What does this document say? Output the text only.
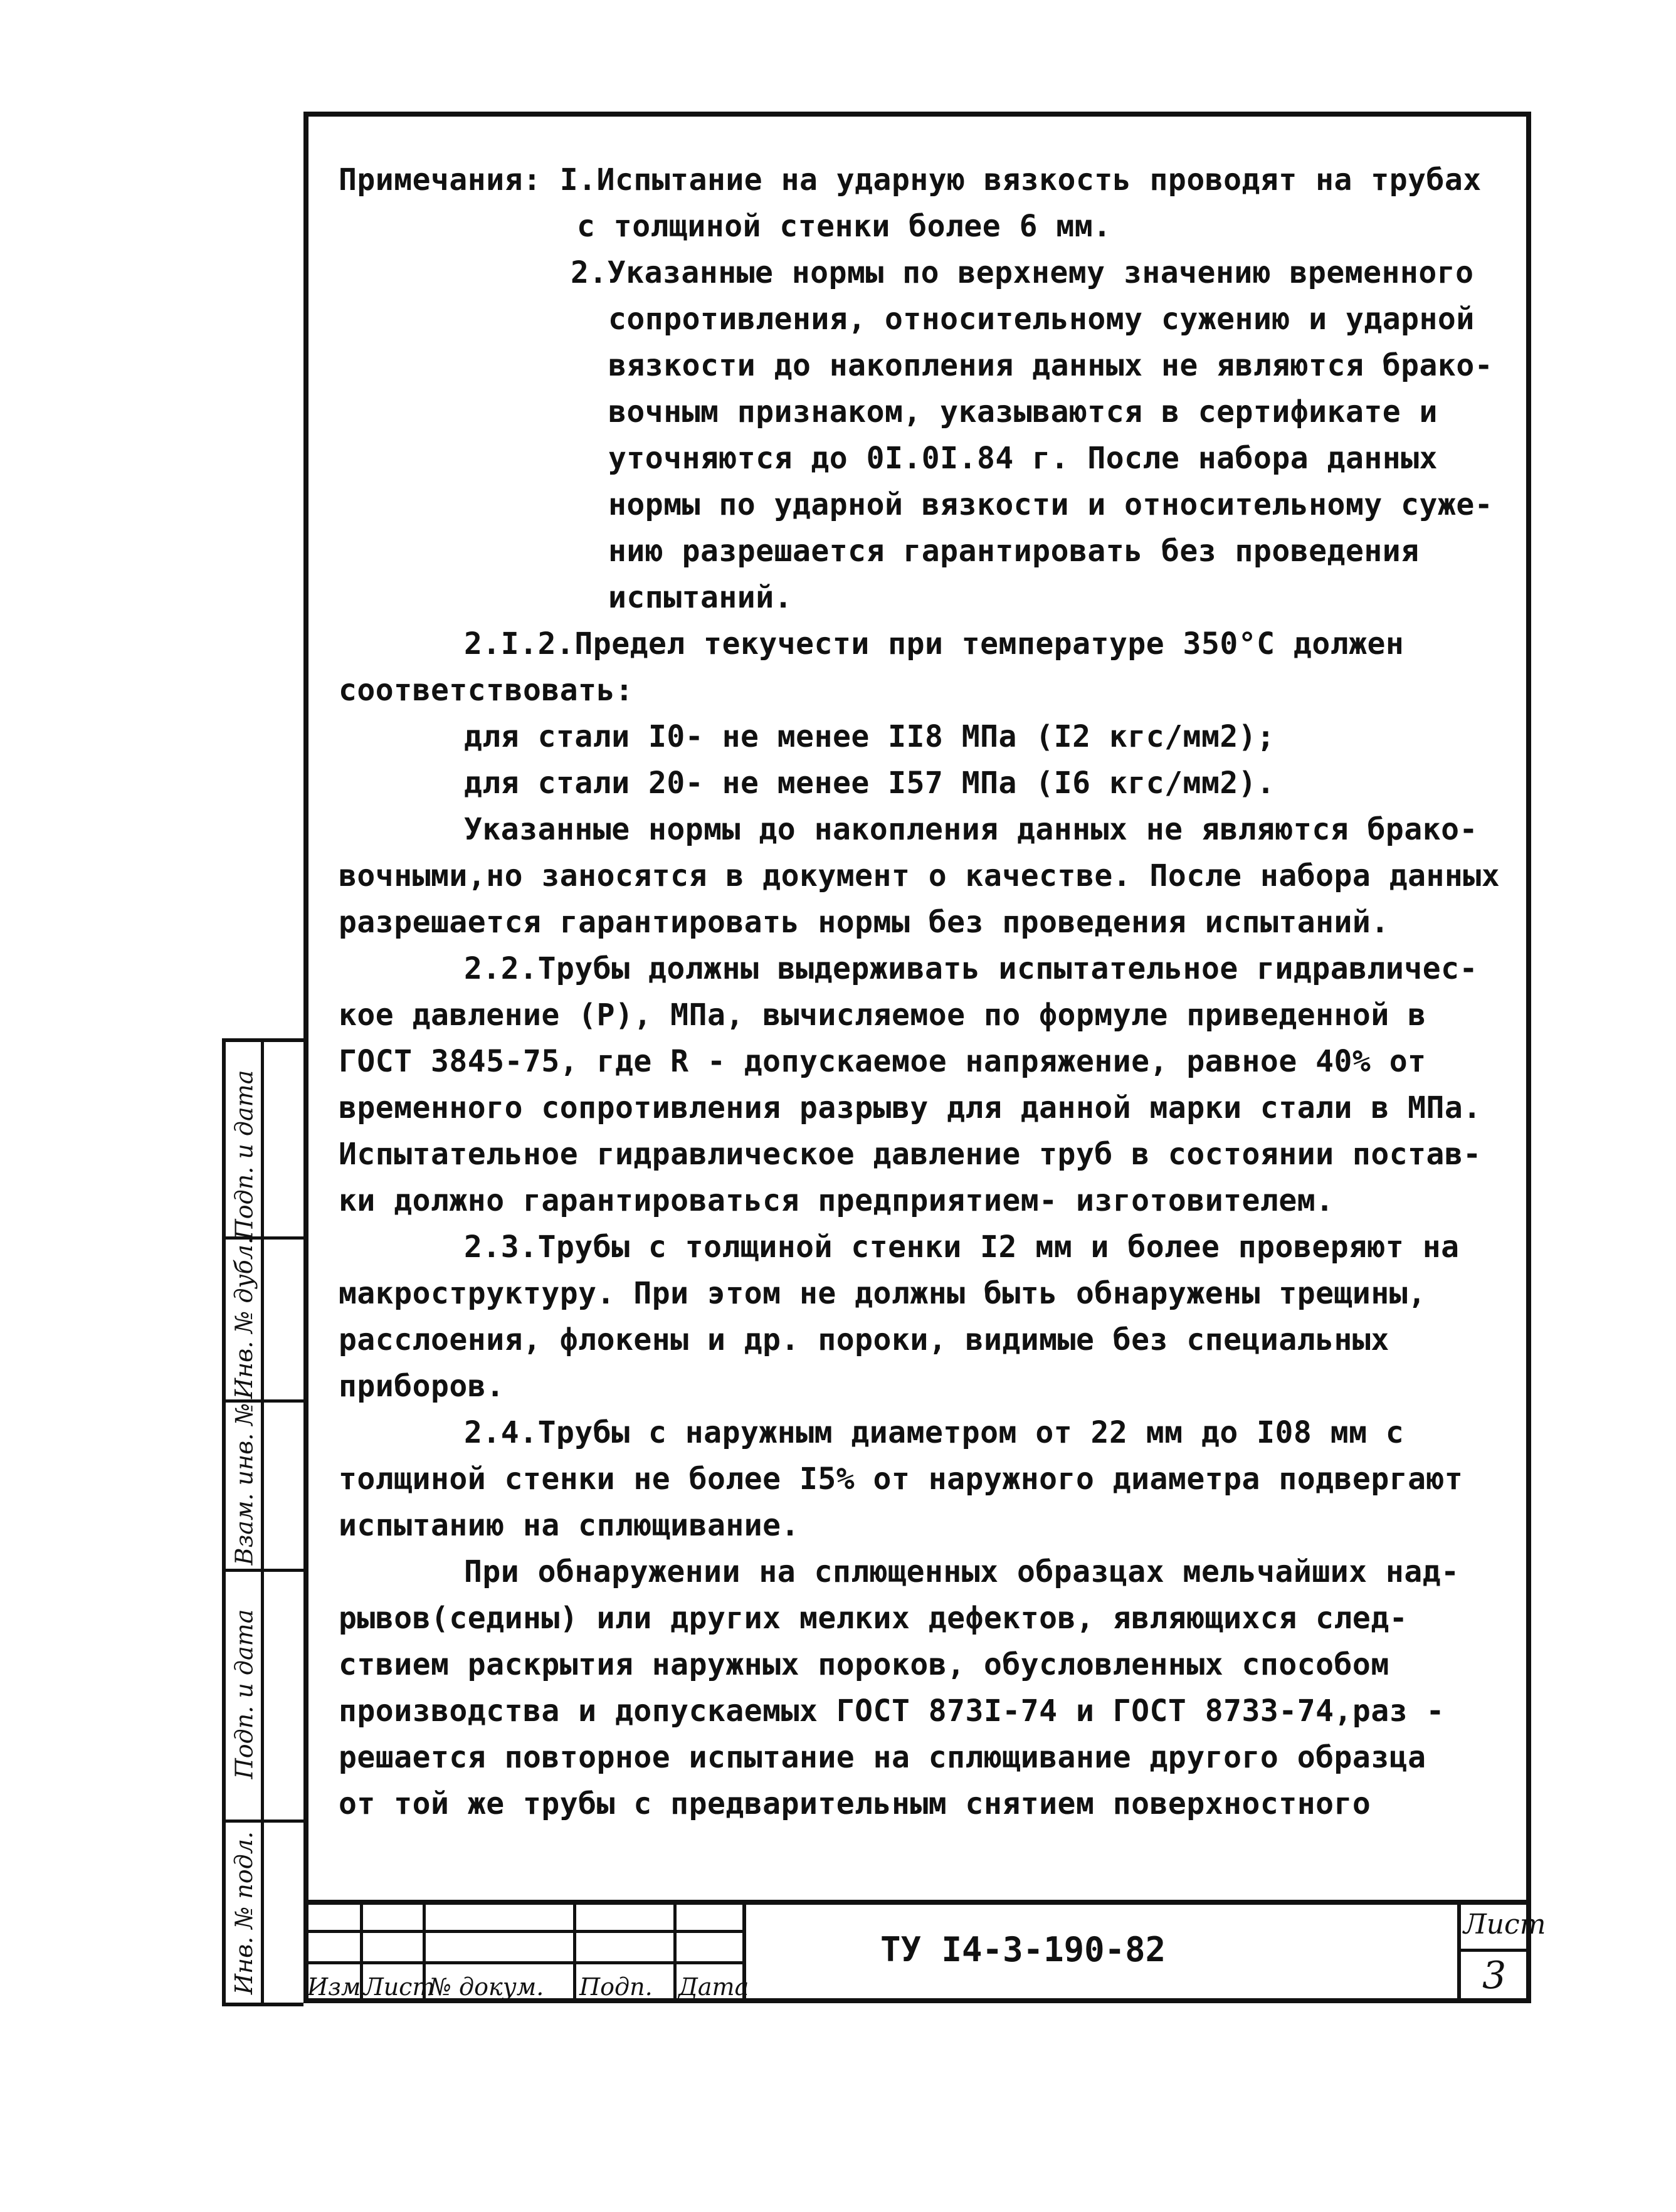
Подп. и дата
Инв. № дубл.
Взам. инв. №
Подп. и дата
Инв. № подл.
Примечания: I.Испытание на ударную вязкость проводят на трубах
с толщиной стенки более 6 мм.
2.Указанные нормы по верхнему значению временного
сопротивления, относительному сужению и ударной
вязкости до накопления данных не являются брако-
вочным признаком, указываются в сертификате и
уточняются до 0I.0I.84 г. После набора данных
нормы по ударной вязкости и относительному суже-
нию разрешается гарантировать без проведения
испытаний.
2.I.2.Предел текучести при температуре 350°С должен
соответствовать:
для стали I0- не менее II8 МПа (I2 кгс/мм2);
для стали 20- не менее I57 МПа (I6 кгс/мм2).
Указанные нормы до накопления данных не являются брако-
вочными,но заносятся в документ о качестве. После набора данных
разрешается гарантировать нормы без проведения испытаний.
2.2.Трубы должны выдерживать испытательное гидравличес-
кое давление (Р), МПа, вычисляемое по формуле приведенной в
ГОСТ 3845-75, где R - допускаемое напряжение, равное 40% от
временного сопротивления разрыву для данной марки стали в МПа.
Испытательное гидравлическое давление труб в состоянии постав-
ки должно гарантироваться предприятием- изготовителем.
2.3.Трубы с толщиной стенки I2 мм и более проверяют на
макроструктуру. При этом не должны быть обнаружены трещины,
расслоения, флокены и др. пороки, видимые без специальных
приборов.
2.4.Трубы с наружным диаметром от 22 мм до I08 мм с
толщиной стенки не более I5% от наружного диаметра подвергают
испытанию на сплющивание.
При обнаружении на сплющенных образцах мельчайших над-
рывов(седины) или других мелких дефектов, являющихся след-
ствием раскрытия наружных пороков, обусловленных способом
производства и допускаемых ГОСТ 873I-74 и ГОСТ 8733-74,раз -
решается повторное испытание на сплющивание другого образца
от той же трубы с предварительным снятием поверхностного
Изм Лист
№ докум. Подп. Дата
ТУ I4-3-190-82
Лист
3
